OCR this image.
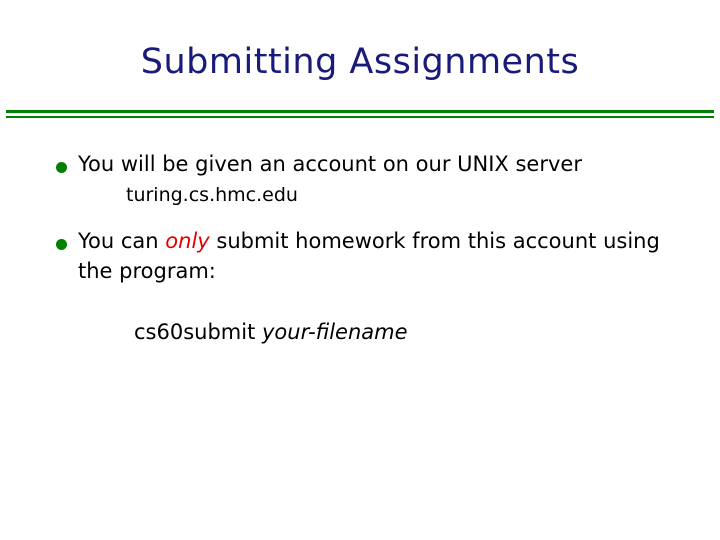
Submitting Assignments
You will be given an account on our UNIX server
turing.cs.hmc.edu
You can only submit homework from this account using the program:
cs60submit your-filename
